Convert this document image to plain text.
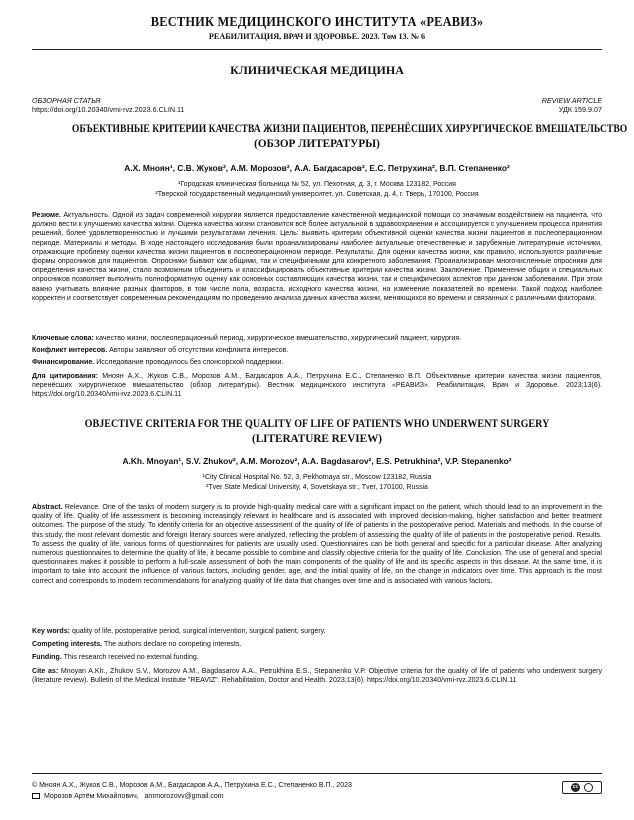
ВЕСТНИК МЕДИЦИНСКОГО ИНСТИТУТА «РЕАВИЗ»
РЕАБИЛИТАЦИЯ, ВРАЧ И ЗДОРОВЬЕ. 2023. Том 13. № 6
КЛИНИЧЕСКАЯ МЕДИЦИНА
ОБЗОРНАЯ СТАТЬЯ
https://doi.org/10.20340/vmi-rvz.2023.6.CLIN.11
REVIEW ARTICLE
УДК 159.9.07
ОБЪЕКТИВНЫЕ КРИТЕРИИ КАЧЕСТВА ЖИЗНИ ПАЦИЕНТОВ, ПЕРЕНЁСШИХ ХИРУРГИЧЕСКОЕ ВМЕШАТЕЛЬСТВО
(ОБЗОР ЛИТЕРАТУРЫ)
А.Х. Мноян¹, С.В. Жуков², А.М. Морозов², А.А. Багдасаров², Е.С. Петрухина², В.П. Степаненко²
¹Городская клиническая больница № 52, ул. Пехотная, д. 3, г. Москва 123182, Россия
²Тверской государственный медицинский университет, ул. Советская, д. 4, г. Тверь, 170100, Россия
Резюме. Актуальность. Одной из задач современной хирургии является предоставление качественной медицинской помощи со значимым воздействием на пациента, что должно вести к улучшению качества жизни. Оценка качества жизни становится всё более актуальной в здравоохранении и ассоциируется с улучшением процесса принятия решений, более удовлетворенностью и лучшими результатами лечения. Цель: выявить критерии объективной оценки качества жизни пациентов в послеоперационном периоде. Материалы и методы. В ходе настоящего исследования были проанализированы наиболее актуальные отечественные и зарубежные литературные источники, отражающие проблему оценки качества жизни пациентов в послеоперационном периоде. Результаты. Для оценки качества жизни, как правило, используются различные формы опросников для пациентов. Опросники бывают как общими, так и специфичными для конкретного заболевания. Проанализирован многочисленные опросники для определения качества жизни, стало возможным объединить и классифицировать объективные критерии качества жизни. Заключение. Применение общих и специальных опросников позволяет выполнить полноформатную оценку как основных составляющих качества жизни, так и специфических аспектов при данном заболевании. При этом важно учитывать влияние разных факторов, в том числе пола, возраста, исходного качества жизни, на изменение показателей во времени. Такой подход наиболее корректен и соответствует современным рекомендациям по проведению анализа данных качества жизни, меняющихся во времени и связанных с различными факторами.
Ключевые слова: качество жизни, послеоперационный период, хирургическое вмешательство, хирургический пациент, хирургия.
Конфликт интересов. Авторы заявляют об отсутствии конфликта интересов.
Финансирование. Исследование проводилось без спонсорской поддержки.
Для цитирования: Мноян А.Х., Жуков С.В., Морозов А.М., Багдасаров А.А., Петрухина Е.С., Степаненко В.П. Объективные критерии качества жизни пациентов, перенёсших хирургическое вмешательство (обзор литературы). Вестник медицинского института «РЕАВИЗ». Реабилитация, Врач и Здоровье. 2023;13(6). https://doi.org/10.20340/vmi-rvz.2023.6.CLIN.11
OBJECTIVE CRITERIA FOR THE QUALITY OF LIFE OF PATIENTS WHO UNDERWENT SURGERY
(LITERATURE REVIEW)
A.Kh. Mnoyan¹, S.V. Zhukov², A.M. Morozov², A.A. Bagdasarov², E.S. Petrukhina², V.P. Stepanenko²
¹City Clinical Hospital No. 52, 3, Pekhotnaya str., Moscow 123182, Russia
²Tver State Medical University, 4, Sovetskaya str., Tver, 170100, Russia
Abstract. Relevance. One of the tasks of modern surgery is to provide high-quality medical care with a significant impact on the patient, which should lead to an improvement in the quality of life. Quality of life assessment is becoming increasingly relevant in healthcare and is associated with improved decision-making, higher satisfaction and better treatment outcomes. The purpose of the study. To identify criteria for an objective assessment of the quality of life of patients in the postoperative period. Materials and methods. In the course of this study, the most relevant domestic and foreign literary sources were analyzed, reflecting the problem of assessing the quality of life of patients in the postoperative period. Results. To assess the quality of life, various forms of questionnaires for patients are usually used. Questionnaires can be both general and specific for a particular disease. After analyzing numerous questionnaires to determine the quality of life, it became possible to combine and classify objective criteria for the quality of life. Conclusion. The use of general and special questionnaires makes it possible to perform a full-scale assessment of both the main components of the quality of life and its specific aspects in this disease. At the same time, it is important to take into account the influence of various factors, including gender, age, and the initial quality of life, on the change in indicators over time. This approach is the most correct and corresponds to modern recommendations for analyzing quality of life data that changes over time and is associated with various factors.
Key words: quality of life, postoperative period, surgical intervention, surgical patient, surgery.
Competing interests. The authors declare no competing interests.
Funding. This research received no external funding.
Cite as: Mnoyan A.Kh., Zhukov S.V., Morozov A.M., Bagdasarov A.A., Petrukhina E.S., Stepanenko V.P. Objective criteria for the quality of life of patients who underwent surgery (literature review). Bulletin of the Medical Institute "REAVIZ". Rehabilitation, Doctor and Health. 2023;13(6). https://doi.org/10.20340/vmi-rvz.2023.6.CLIN.11
© Мноян А.Х., Жуков С.В., Морозов А.М., Багдасаров А.А., Петрухина Е.С., Степаненко В.П., 2023
Морозов Артём Михайлович, ammorozovv@gmail.com
cc
